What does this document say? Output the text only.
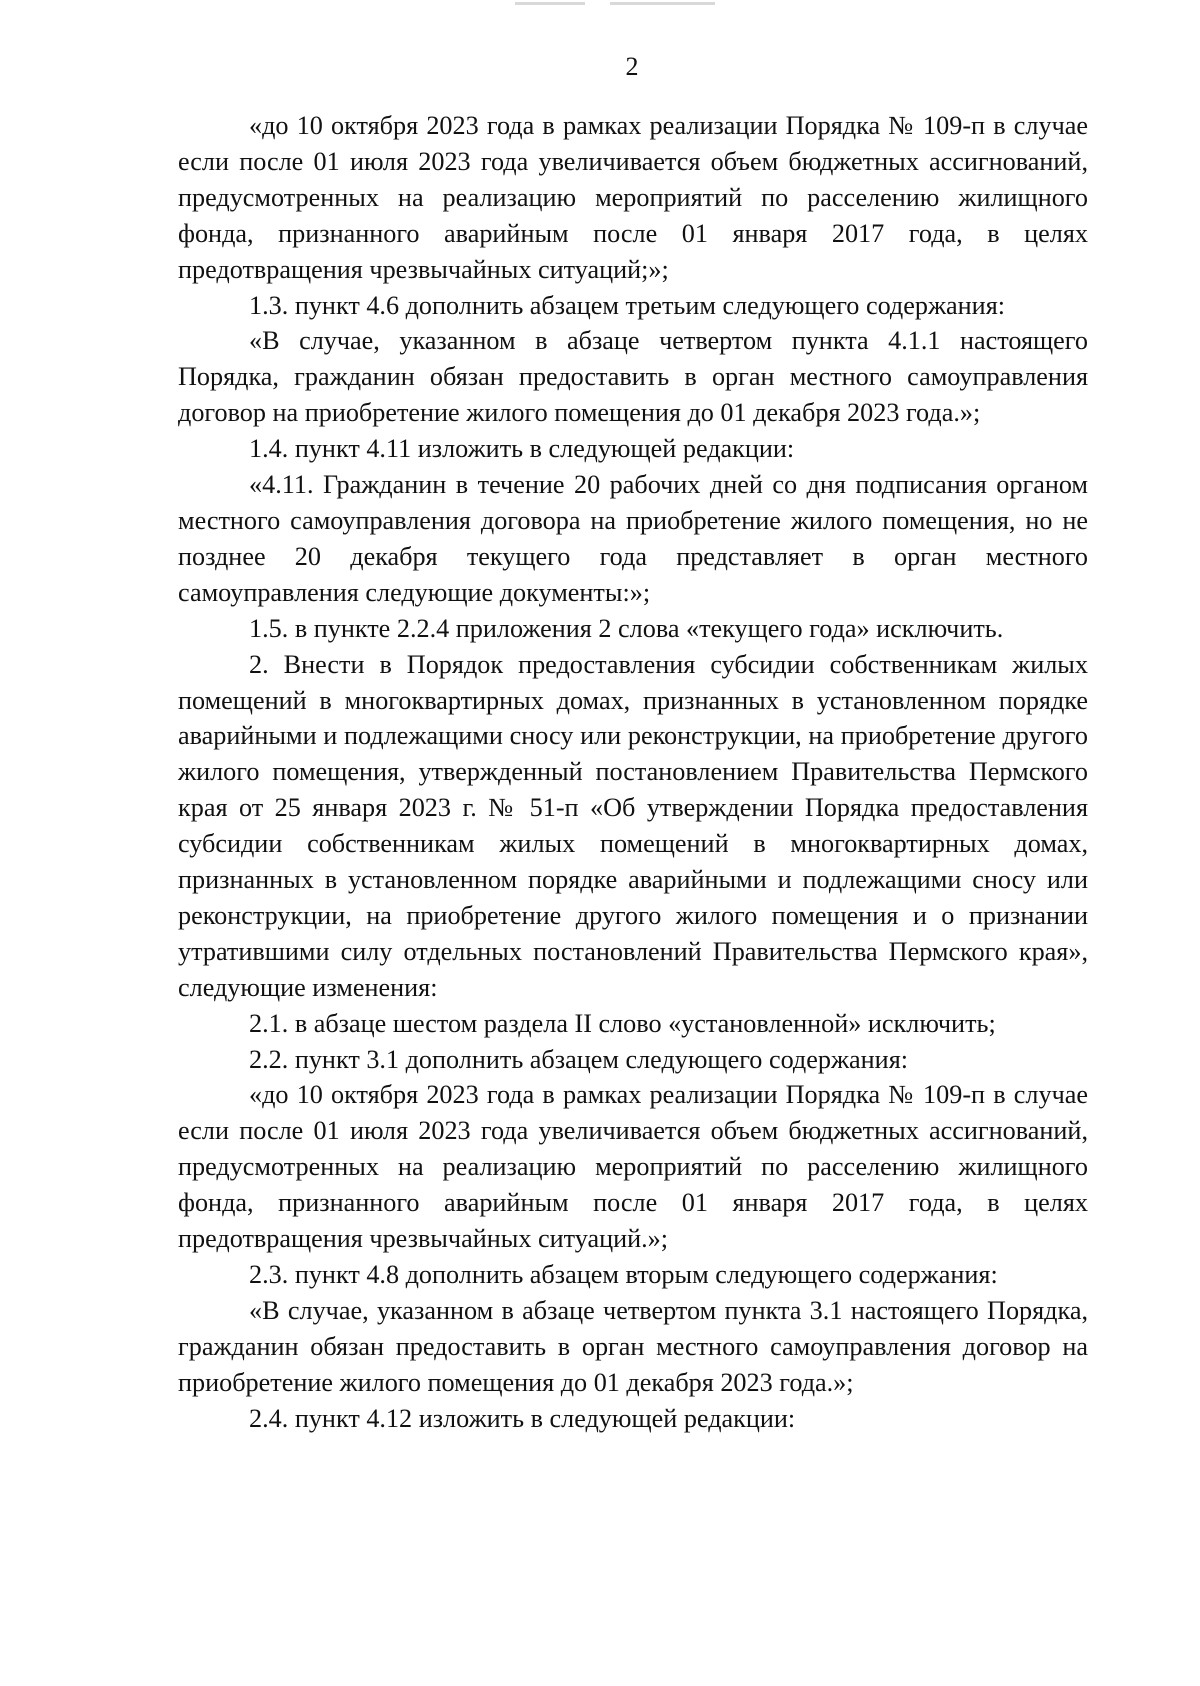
2

«до 10 октября 2023 года в рамках реализации Порядка № 109-п в случае если после 01 июля 2023 года увеличивается объем бюджетных ассигнований, предусмотренных на реализацию мероприятий по расселению жилищного фонда, признанного аварийным после 01 января 2017 года, в целях предотвращения чрезвычайных ситуаций;»;

1.3. пункт 4.6 дополнить абзацем третьим следующего содержания:

«В случае, указанном в абзаце четвертом пункта 4.1.1 настоящего Порядка, гражданин обязан предоставить в орган местного самоуправления договор на приобретение жилого помещения до 01 декабря 2023 года.»;

1.4. пункт 4.11 изложить в следующей редакции:

«4.11. Гражданин в течение 20 рабочих дней со дня подписания органом местного самоуправления договора на приобретение жилого помещения, но не позднее 20 декабря текущего года представляет в орган местного самоуправления следующие документы:»;

1.5. в пункте 2.2.4 приложения 2 слова «текущего года» исключить.

2. Внести в Порядок предоставления субсидии собственникам жилых помещений в многоквартирных домах, признанных в установленном порядке аварийными и подлежащими сносу или реконструкции, на приобретение другого жилого помещения, утвержденный постановлением Правительства Пермского края от 25 января 2023 г. № 51-п «Об утверждении Порядка предоставления субсидии собственникам жилых помещений в многоквартирных домах, признанных в установленном порядке аварийными и подлежащими сносу или реконструкции, на приобретение другого жилого помещения и о признании утратившими силу отдельных постановлений Правительства Пермского края», следующие изменения:

2.1. в абзаце шестом раздела II слово «установленной» исключить;

2.2. пункт 3.1 дополнить абзацем следующего содержания:

«до 10 октября 2023 года в рамках реализации Порядка № 109-п в случае если после 01 июля 2023 года увеличивается объем бюджетных ассигнований, предусмотренных на реализацию мероприятий по расселению жилищного фонда, признанного аварийным после 01 января 2017 года, в целях предотвращения чрезвычайных ситуаций.»;

2.3. пункт 4.8 дополнить абзацем вторым следующего содержания:

«В случае, указанном в абзаце четвертом пункта 3.1 настоящего Порядка, гражданин обязан предоставить в орган местного самоуправления договор на приобретение жилого помещения до 01 декабря 2023 года.»;

2.4. пункт 4.12 изложить в следующей редакции:
